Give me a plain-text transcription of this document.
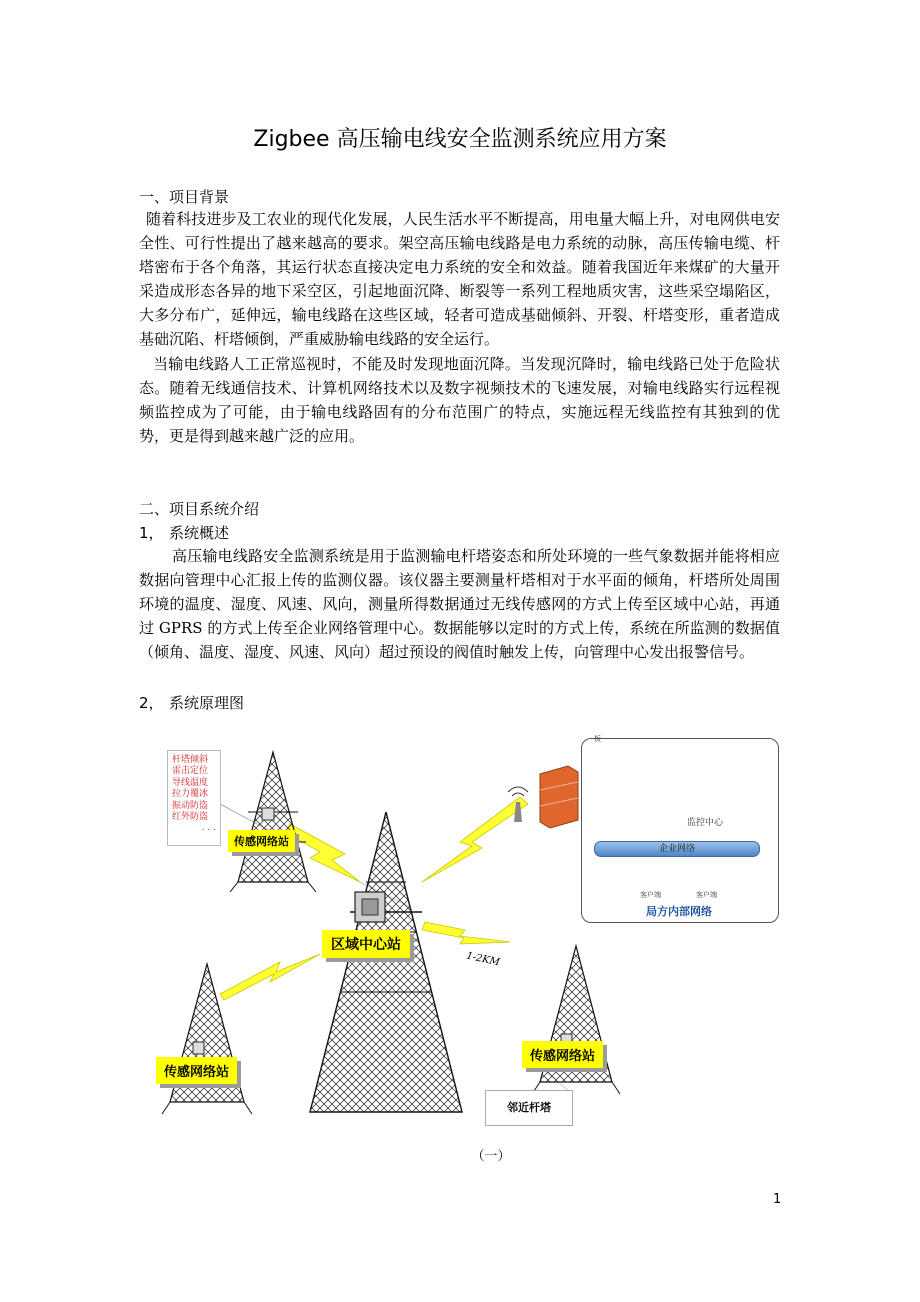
Zigbee 高压输电线安全监测系统应用方案
一、项目背景

随着科技进步及工农业的现代化发展，人民生活水平不断提高，用电量大幅上升，对电网供电安全性、可行性提出了越来越高的要求。架空高压输电线路是电力系统的动脉，高压传输电缆、杆塔密布于各个角落，其运行状态直接决定电力系统的安全和效益。随着我国近年来煤矿的大量开采造成形态各异的地下采空区，引起地面沉降、断裂等一系列工程地质灾害，这些采空塌陷区，大多分布广，延伸远，输电线路在这些区域，轻者可造成基础倾斜、开裂、杆塔变形，重者造成基础沉陷、杆塔倾倒，严重威胁输电线路的安全运行。

当输电线路人工正常巡视时，不能及时发现地面沉降。当发现沉降时，输电线路已处于危险状态。随着无线通信技术、计算机网络技术以及数字视频技术的飞速发展，对输电线路实行远程视频监控成为了可能，由于输电线路固有的分布范围广的特点，实施远程无线监控有其独到的优势，更是得到越来越广泛的应用。

二、项目系统介绍
1， 系统概述

高压输电线路安全监测系统是用于监测输电杆塔姿态和所处环境的一些气象数据并能将相应数据向管理中心汇报上传的监测仪器。该仪器主要测量杆塔相对于水平面的倾角，杆塔所处周围环境的温度、湿度、风速、风向，测量所得数据通过无线传感网的方式上传至区域中心站，再通过 GPRS 的方式上传至企业网络管理中心。数据能够以定时的方式上传，系统在所监测的数据值（倾角、温度、湿度、风速、风向）超过预设的阀值时触发上传，向管理中心发出报警信号。

2， 系统原理图
杆塔倾斜
雷击定位
导线温度
拉力覆冰
振动防盗
红外防盗
. . .
传感网络站
区域中心站
传感网络站
传感网络站
1-2KM
板
监控中心
企业网络
客户端	客户端
局方内部网络
邻近杆塔
（一）
1
